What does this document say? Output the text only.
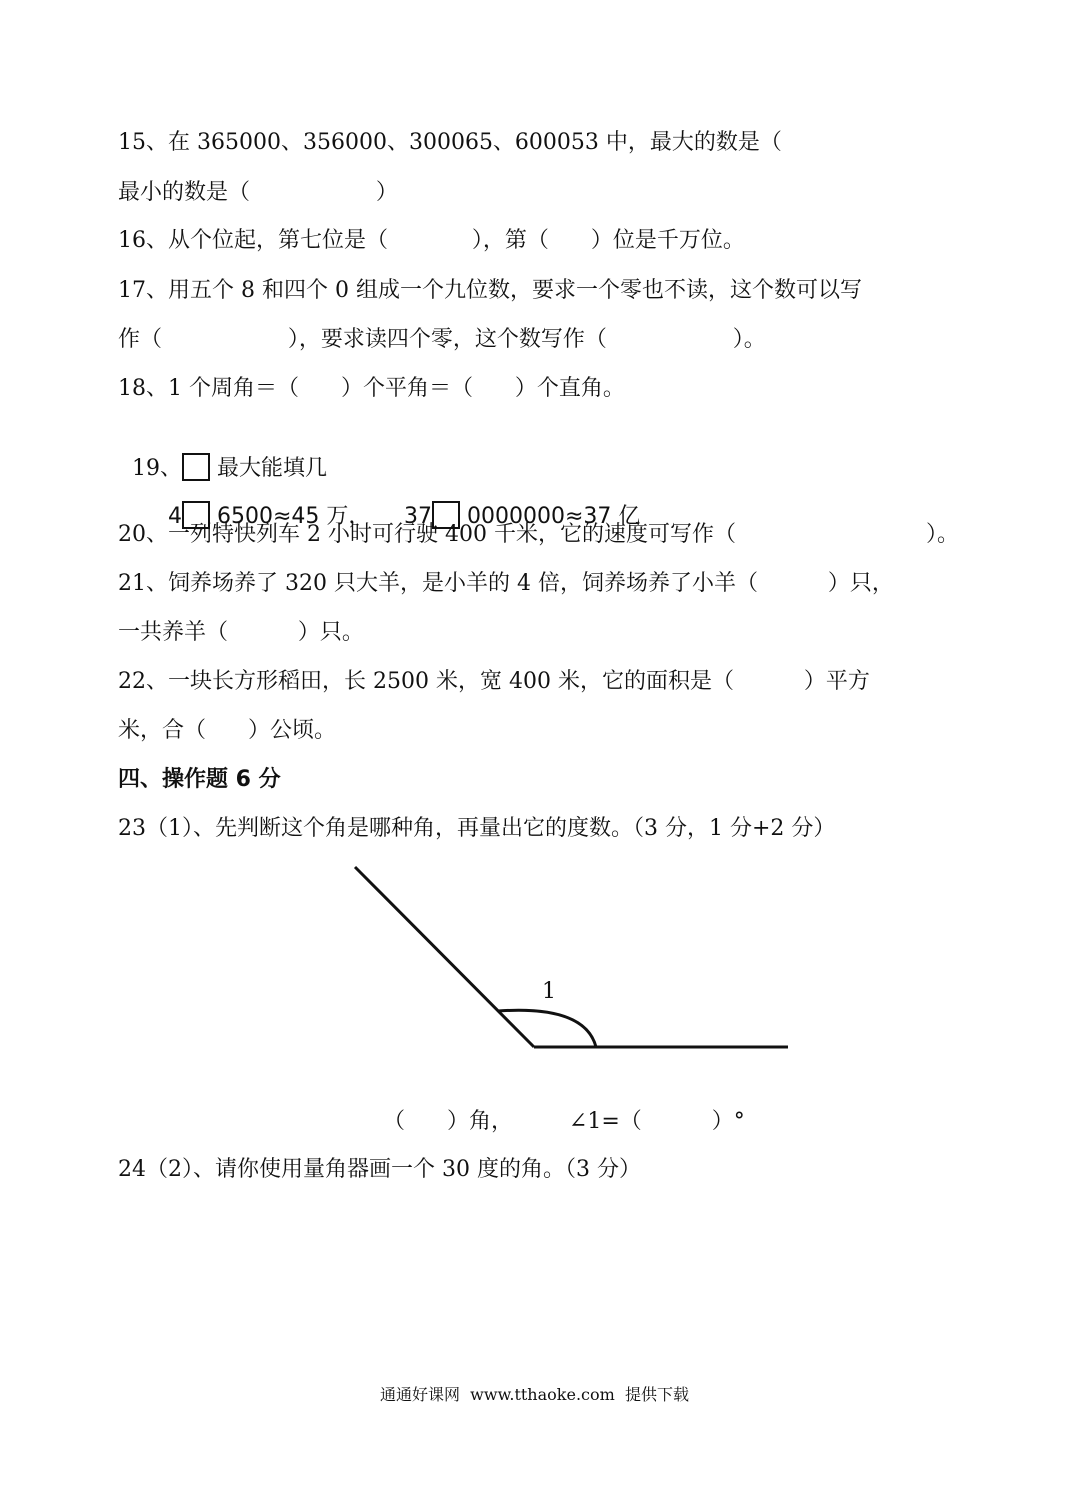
15、在 365000、356000、300065、600053 中，最大的数是（
最小的数是（                  ）
16、从个位起，第七位是（            ），第（      ）位是千万位。
17、用五个 8 和四个 0 组成一个九位数，要求一个零也不读，这个数可以写
作（                  ），要求读四个零，这个数写作（                  ）。
18、1 个周角＝（      ）个平角＝（      ）个直角。

19、 最大能填几

4 6500≈45 万，	37 0000000≈37 亿

20、一列特快列车 2 小时可行驶 400 千米，它的速度可写作（	）。
21、饲养场养了 320 只大羊，是小羊的 4 倍，饲养场养了小羊（          ）只，
一共养羊（          ）只。
22、一块长方形稻田，长 2500 米，宽 400 米，它的面积是（          ）平方
米，合（      ）公顷。
四、操作题 6 分
23（1）、先判断这个角是哪种角，再量出它的度数。（3 分，1 分+2 分）
1
（      ）角，        ∠1=（          ）°
24（2）、请你使用量角器画一个 30 度的角。（3 分）
通通好课网  www.tthaoke.com  提供下载
